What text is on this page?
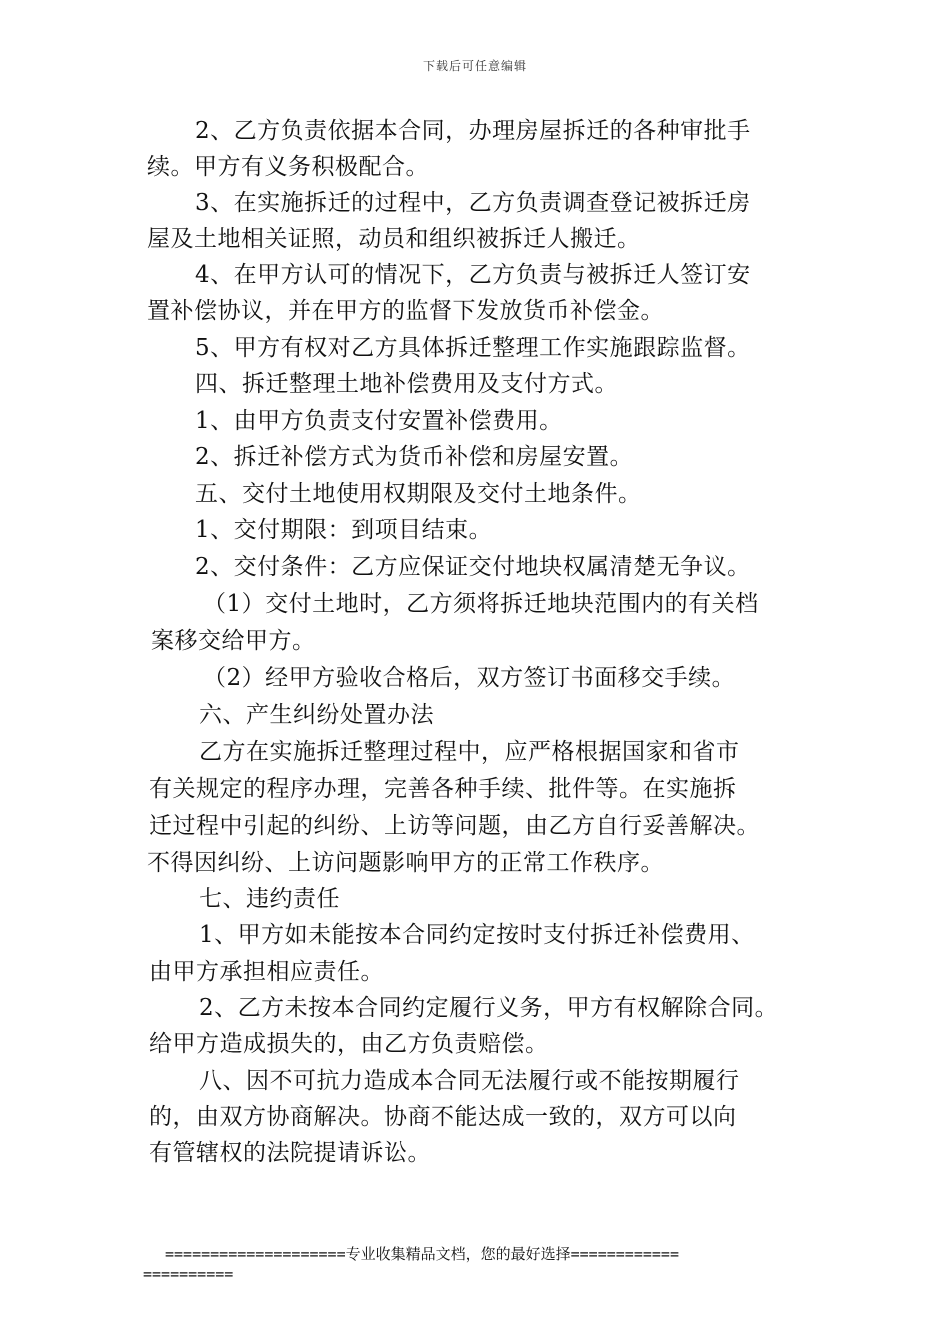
下载后可任意编辑
2、乙方负责依据本合同，办理房屋拆迁的各种审批手
续。甲方有义务积极配合。
3、在实施拆迁的过程中，乙方负责调查登记被拆迁房
屋及土地相关证照，动员和组织被拆迁人搬迁。
4、在甲方认可的情况下，乙方负责与被拆迁人签订安
置补偿协议，并在甲方的监督下发放货币补偿金。
5、甲方有权对乙方具体拆迁整理工作实施跟踪监督。
四、拆迁整理土地补偿费用及支付方式。
1、由甲方负责支付安置补偿费用。
2、拆迁补偿方式为货币补偿和房屋安置。
五、交付土地使用权期限及交付土地条件。
1、交付期限：到项目结束。
2、交付条件：乙方应保证交付地块权属清楚无争议。
（1）交付土地时，乙方须将拆迁地块范围内的有关档
案移交给甲方。
（2）经甲方验收合格后，双方签订书面移交手续。
六、产生纠纷处置办法
乙方在实施拆迁整理过程中，应严格根据国家和省市
有关规定的程序办理，完善各种手续、批件等。在实施拆
迁过程中引起的纠纷、上访等问题，由乙方自行妥善解决。
不得因纠纷、上访问题影响甲方的正常工作秩序。
七、违约责任
1、甲方如未能按本合同约定按时支付拆迁补偿费用、
由甲方承担相应责任。
2、乙方未按本合同约定履行义务，甲方有权解除合同。
给甲方造成损失的，由乙方负责赔偿。
八、因不可抗力造成本合同无法履行或不能按期履行
的，由双方协商解决。协商不能达成一致的，双方可以向
有管辖权的法院提请诉讼。
====================专业收集精品文档，您的最好选择============
==========
